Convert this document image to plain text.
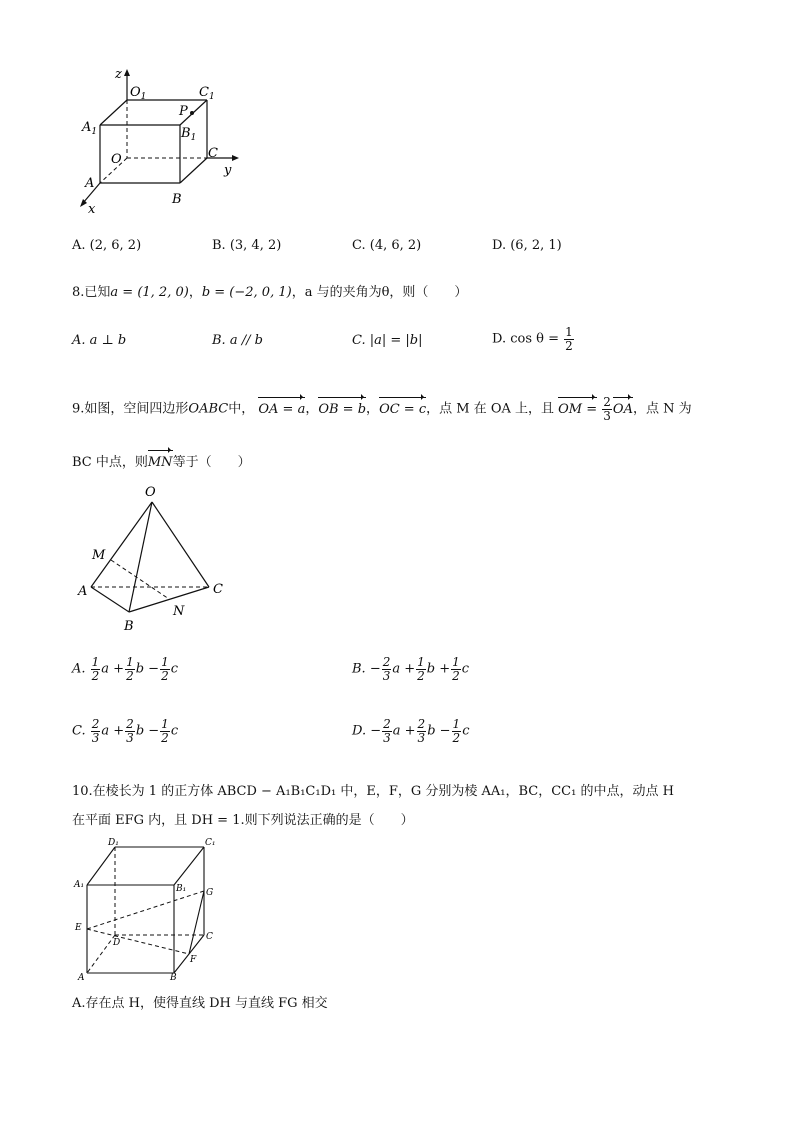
z
$O_1$	$C_1$
P
$A_1$	$B_1$
O	C
y
A
B
x
A. (2, 6, 2)	B. (3, 4, 2)	C. (4, 6, 2)	D. (6, 2, 1)
8.已知a = (1, 2, 0)，b = (−2, 0, 1)，a 与的夹角为θ，则（　　）
A. a ⊥ b	B. a // b	C. |a| = |b|	D. $\cos \theta = \frac{1}{2}$
9.如图，空间四边形OABC中， OA = a，OB = b，OC = c，点 M 在 OA 上，且 OM = $\frac{2}{3}$ OA，点 N 为
BC 中点，则MN等于（　　）
O
M
A	C
N
B
A. $\frac{1}{2}$ $a + \frac{1}{2}$ $b - \frac{1}{2}$ c	B. − $\frac{2}{3}$ $a + \frac{1}{2}$ $b + \frac{1}{2}$ c
C. $\frac{2}{3}$ $a + \frac{2}{3}$ $b - \frac{1}{2}$ c	D. − $\frac{2}{3}$ $a + \frac{2}{3}$ $b - \frac{1}{2}$ c
10.在棱长为 1 的正方体 ABCD − A₁B₁C₁D₁ 中，E，F，G 分别为棱 AA₁，BC，CC₁ 的中点，动点 H
在平面 EFG 内，且 DH = 1.则下列说法正确的是（　　）
D₁	C₁
A₁	B₁ G
E
D
C
F
A	B
A.存在点 H，使得直线 DH 与直线 FG 相交
